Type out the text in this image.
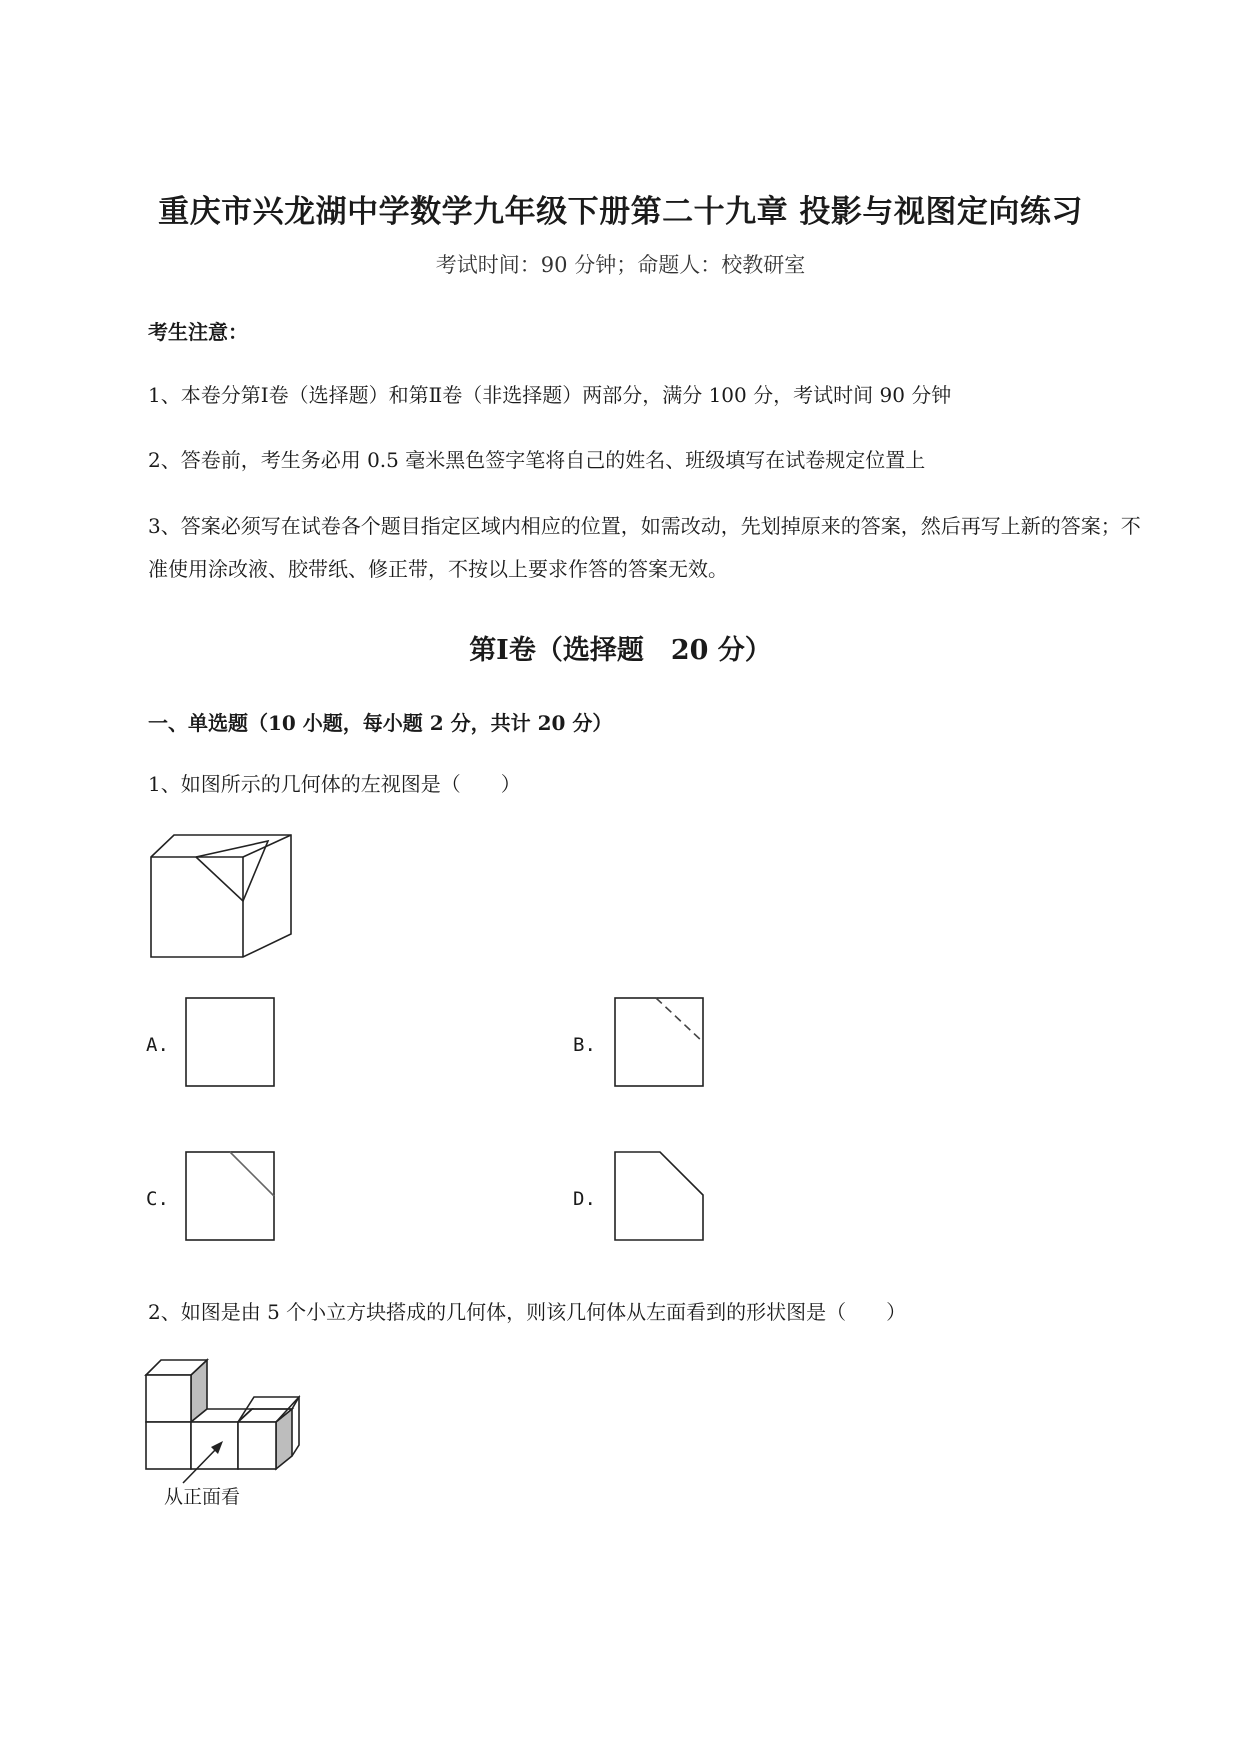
重庆市兴龙湖中学数学九年级下册第二十九章 投影与视图定向练习
考试时间：90 分钟；命题人：校教研室
考生注意：
1、本卷分第Ⅰ卷（选择题）和第Ⅱ卷（非选择题）两部分，满分 100 分，考试时间 90 分钟
2、答卷前，考生务必用 0.5 毫米黑色签字笔将自己的姓名、班级填写在试卷规定位置上
3、答案必须写在试卷各个题目指定区域内相应的位置，如需改动，先划掉原来的答案，然后再写上新的答案；不准使用涂改液、胶带纸、修正带，不按以上要求作答的答案无效。
第Ⅰ卷（选择题　20 分）
一、单选题（10 小题，每小题 2 分，共计 20 分）
1、如图所示的几何体的左视图是（　　）
A.	B.
C.	D.
2、如图是由 5 个小立方块搭成的几何体，则该几何体从左面看到的形状图是（　　）
从正面看
